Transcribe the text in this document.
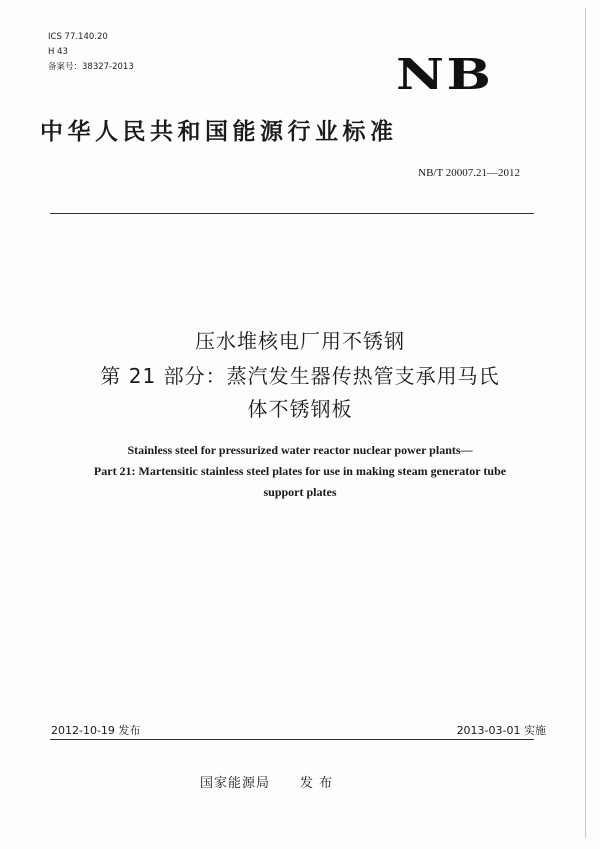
ICS 77.140.20
H 43
备案号：38327-2013	NB
中华人民共和国能源行业标准
NB/T 20007.21—2012
压水堆核电厂用不锈钢
第 21 部分：蒸汽发生器传热管支承用马氏
体不锈钢板
Stainless steel for pressurized water reactor nuclear power plants—
Part 21: Martensitic stainless steel plates for use in making steam generator tube
support plates
2012-10-19 发布	2013-03-01 实施
国家能源局 发 布
